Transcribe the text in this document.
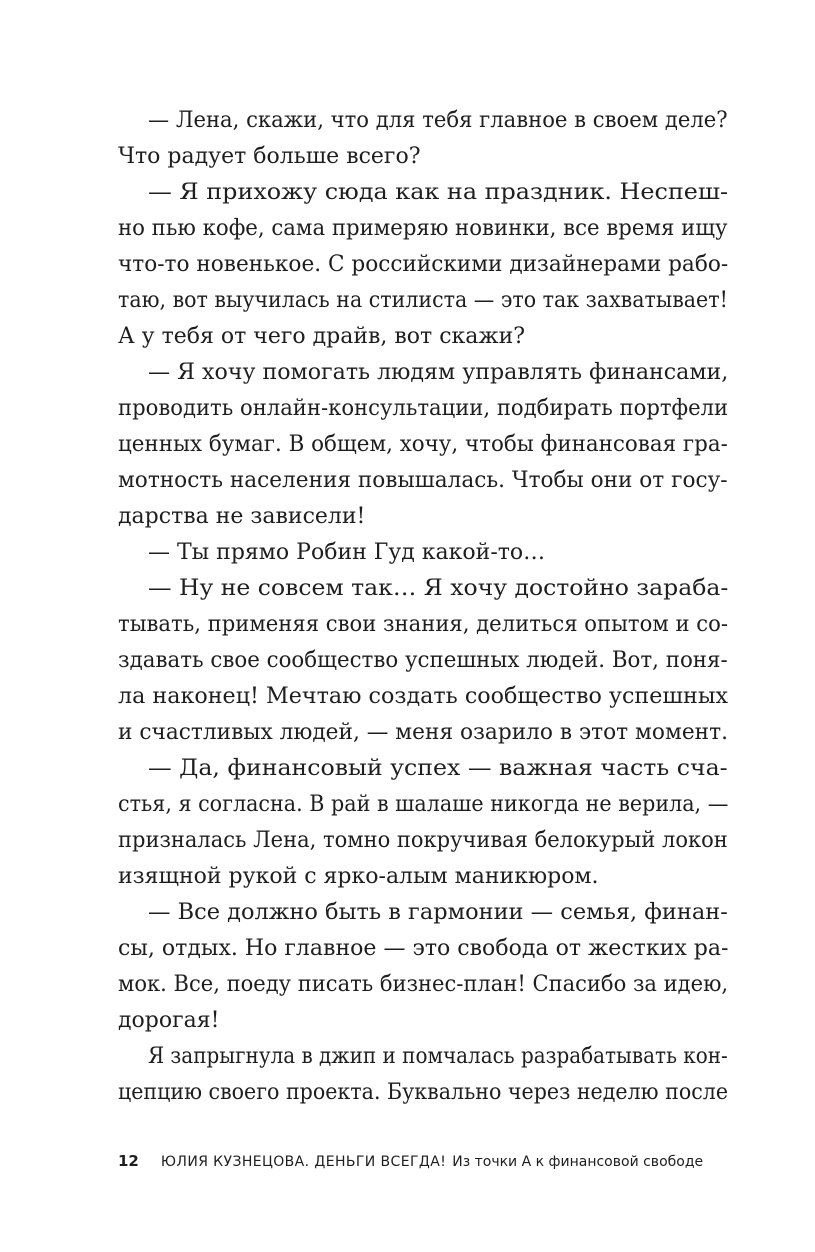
— Лена, скажи, что для тебя главное в своем деле?
Что радует больше всего?
— Я прихожу сюда как на праздник. Неспеш-
но пью кофе, сама примеряю новинки, все время ищу
что-то новенькое. С российскими дизайнерами рабо-
таю, вот выучилась на стилиста — это так захватывает!
А у тебя от чего драйв, вот скажи?
— Я хочу помогать людям управлять финансами,
проводить онлайн-консультации, подбирать портфели
ценных бумаг. В общем, хочу, чтобы финансовая гра-
мотность населения повышалась. Чтобы они от госу-
дарства не зависели!
— Ты прямо Робин Гуд какой-то…
— Ну не совсем так… Я хочу достойно зараба-
тывать, применяя свои знания, делиться опытом и со-
здавать свое сообщество успешных людей. Вот, поня-
ла наконец! Мечтаю создать сообщество успешных
и счастливых людей, — меня озарило в этот момент.
— Да, финансовый успех — важная часть сча-
стья, я согласна. В рай в шалаше никогда не верила, —
призналась Лена, томно покручивая белокурый локон
изящной рукой с ярко-алым маникюром.
— Все должно быть в гармонии — семья, финан-
сы, отдых. Но главное — это свобода от жестких ра-
мок. Все, поеду писать бизнес-план! Спасибо за идею,
дорогая!
Я запрыгнула в джип и помчалась разрабатывать кон-
цепцию своего проекта. Буквально через неделю после
12 ЮЛИЯ КУЗНЕЦОВА. ДЕНЬГИ ВСЕГДА! Из точки А к финансовой свободе
